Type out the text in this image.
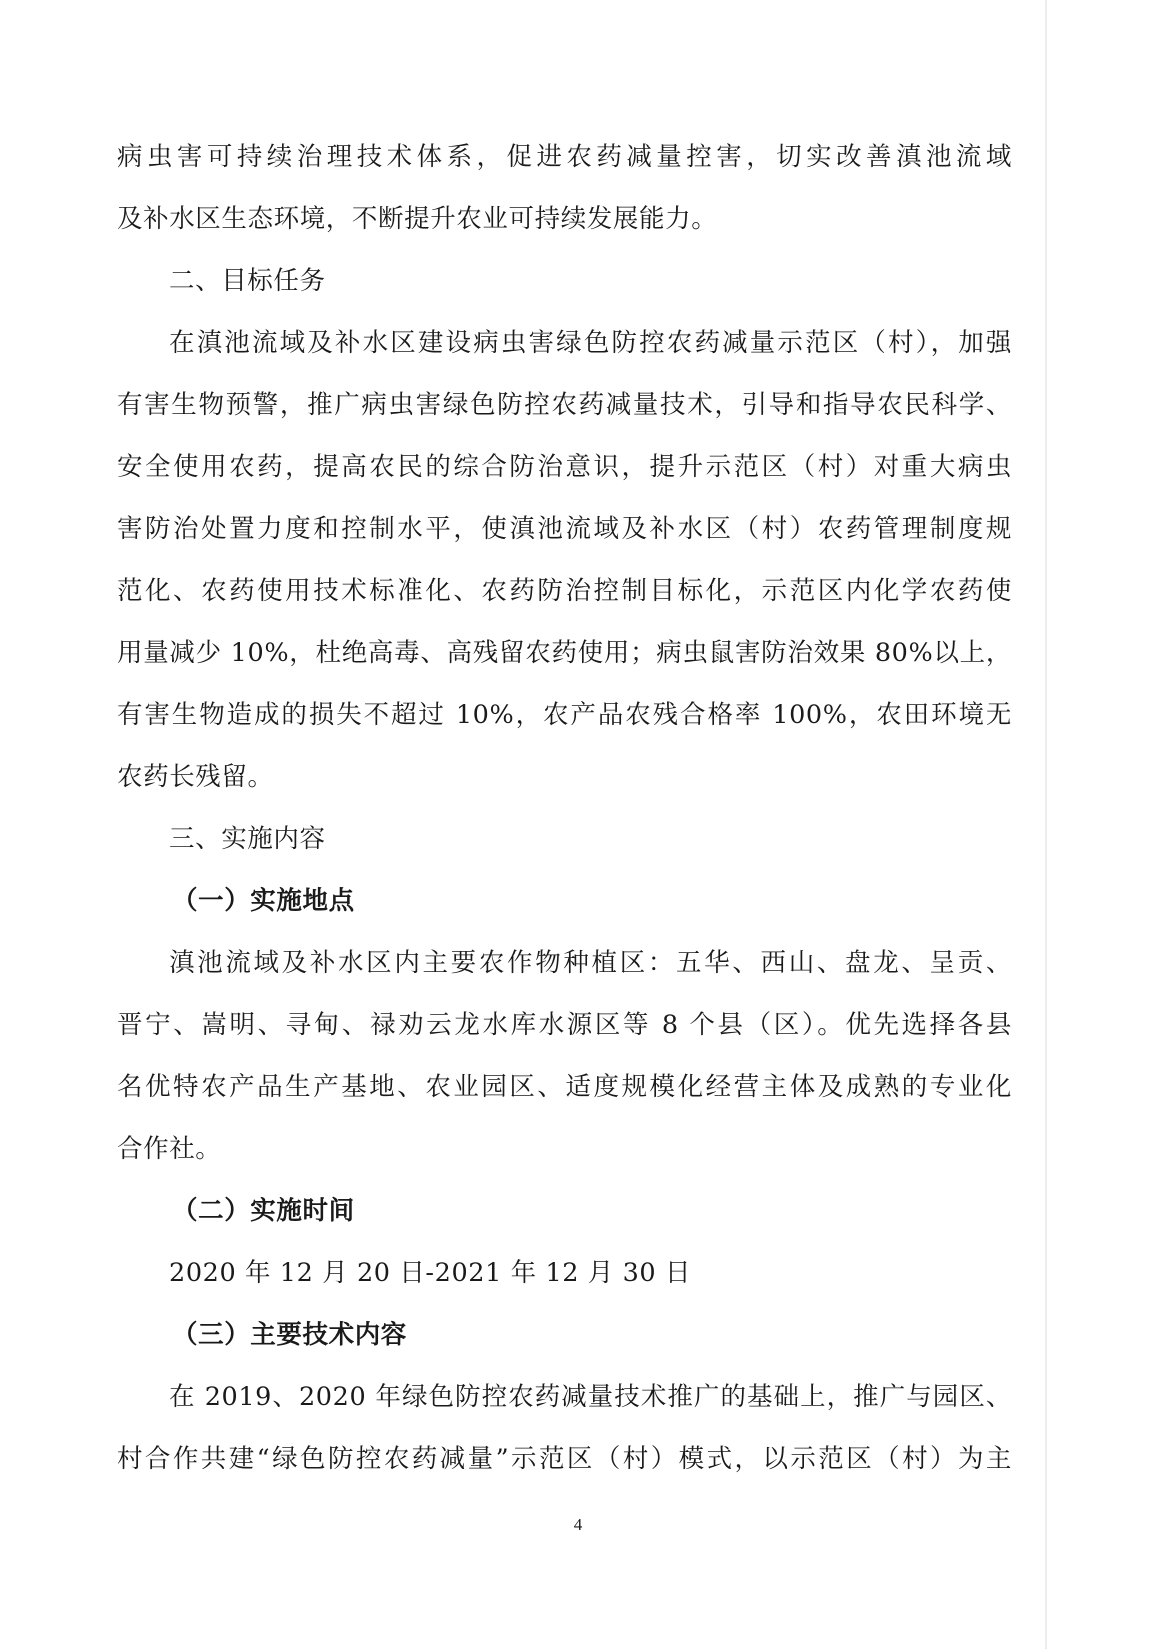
病虫害可持续治理技术体系，促进农药减量控害，切实改善滇池流域
及补水区生态环境，不断提升农业可持续发展能力。
二、目标任务
在滇池流域及补水区建设病虫害绿色防控农药减量示范区（村），加强
有害生物预警，推广病虫害绿色防控农药减量技术，引导和指导农民科学、
安全使用农药，提高农民的综合防治意识，提升示范区（村）对重大病虫
害防治处置力度和控制水平，使滇池流域及补水区（村）农药管理制度规
范化、农药使用技术标准化、农药防治控制目标化，示范区内化学农药使
用量减少 10%，杜绝高毒、高残留农药使用；病虫鼠害防治效果 80%以上，
有害生物造成的损失不超过 10%，农产品农残合格率 100%，农田环境无
农药长残留。
三、实施内容
（一）实施地点
滇池流域及补水区内主要农作物种植区：五华、西山、盘龙、呈贡、
晋宁、嵩明、寻甸、禄劝云龙水库水源区等 8 个县（区）。优先选择各县
名优特农产品生产基地、农业园区、适度规模化经营主体及成熟的专业化
合作社。
（二）实施时间
2020 年 12 月 20 日-2021 年 12 月 30 日
（三）主要技术内容
在 2019、2020 年绿色防控农药减量技术推广的基础上，推广与园区、
村合作共建“绿色防控农药减量”示范区（村）模式，以示范区（村）为主
4
